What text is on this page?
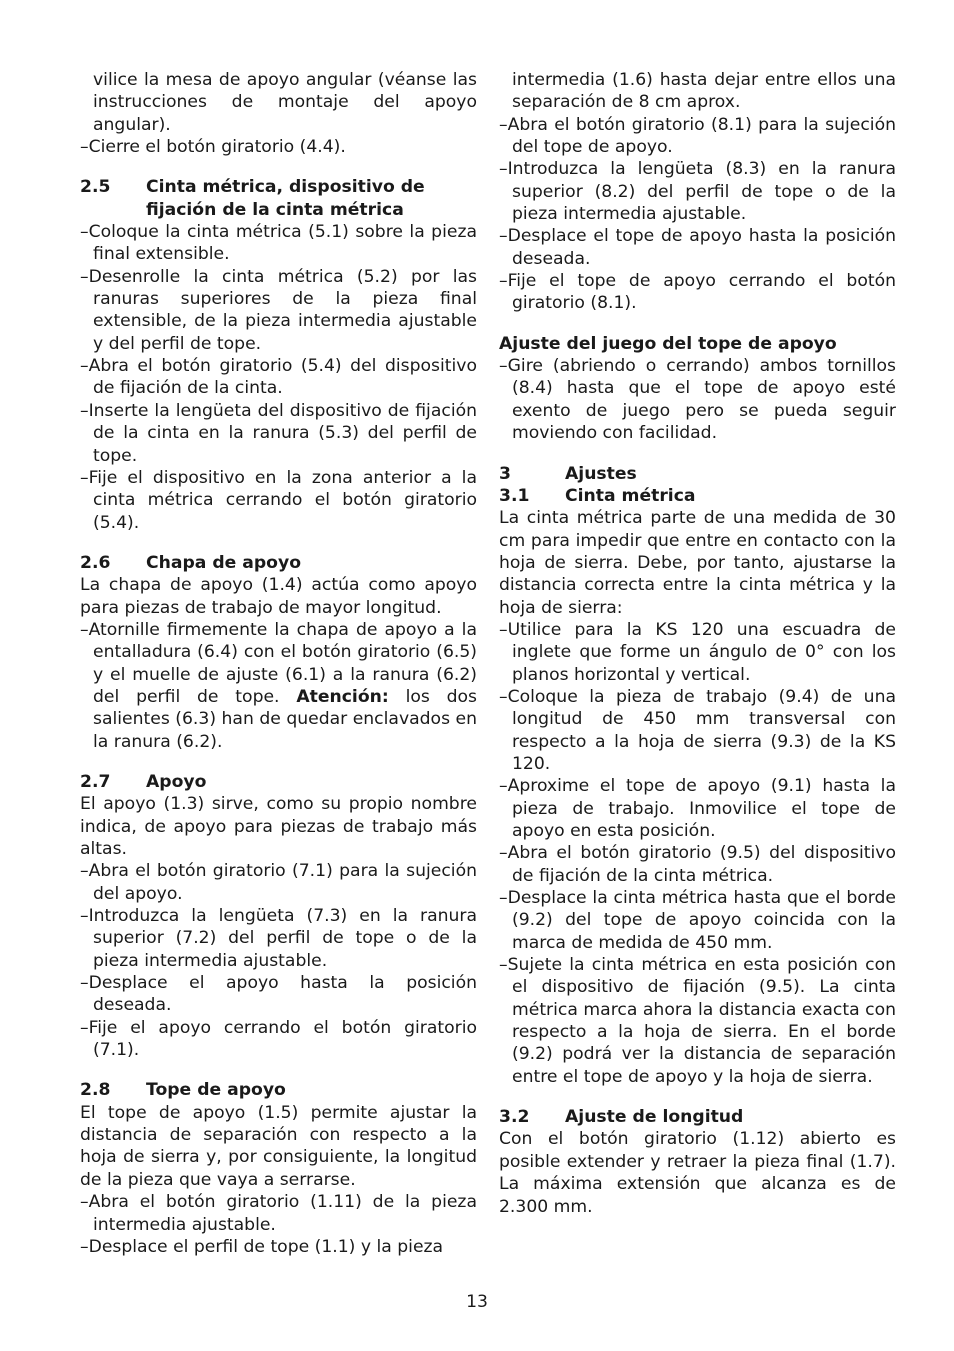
vilice la mesa de apoyo angular (véanse las instrucciones de montaje del apoyo angular).

–Cierre el botón giratorio (4.4).

2.5	Cinta métrica, dispositivo de fijación de la cinta métrica

–Coloque la cinta métrica (5.1) sobre la pieza final extensible.

–Desenrolle la cinta métrica (5.2) por las ranuras superiores de la pieza final extensible, de la pieza intermedia ajustable y del perfil de tope.

–Abra el botón giratorio (5.4) del dispositivo de fijación de la cinta.

–Inserte la lengüeta del dispositivo de fijación de la cinta en la ranura (5.3) del perfil de tope.

–Fije el dispositivo en la zona anterior a la cinta métrica cerrando el botón giratorio (5.4).

2.6	Chapa de apoyo

La chapa de apoyo (1.4) actúa como apoyo para piezas de trabajo de mayor longitud.

–Atornille firmemente la chapa de apoyo a la entalladura (6.4) con el botón giratorio (6.5) y el muelle de ajuste (6.1) a la ranura (6.2) del perfil de tope. Atención: los dos salientes (6.3) han de quedar enclavados en la ranura (6.2).

2.7	Apoyo

El apoyo (1.3) sirve, como su propio nombre indica, de apoyo para piezas de trabajo más altas.

–Abra el botón giratorio (7.1) para la sujeción del apoyo.

–Introduzca la lengüeta (7.3) en la ranura superior (7.2) del perfil de tope o de la pieza intermedia ajustable.

–Desplace el apoyo hasta la posición deseada.

–Fije el apoyo cerrando el botón giratorio (7.1).

2.8	Tope de apoyo

El tope de apoyo (1.5) permite ajustar la distancia de separación con respecto a la hoja de sierra y, por consiguiente, la longitud de la pieza que vaya a serrarse.

–Abra el botón giratorio (1.11) de la pieza intermedia ajustable.

–Desplace el perfil de tope (1.1) y la pieza

intermedia (1.6) hasta dejar entre ellos una separación de 8 cm aprox.

–Abra el botón giratorio (8.1) para la sujeción del tope de apoyo.

–Introduzca la lengüeta (8.3) en la ranura superior (8.2) del perfil de tope o de la pieza intermedia ajustable.

–Desplace el tope de apoyo hasta la posición deseada.

–Fije el tope de apoyo cerrando el botón giratorio (8.1).

Ajuste del juego del tope de apoyo

–Gire (abriendo o cerrando) ambos tornillos (8.4) hasta que el tope de apoyo esté exento de juego pero se pueda seguir moviendo con facilidad.

3	Ajustes
3.1	Cinta métrica

La cinta métrica parte de una medida de 30 cm para impedir que entre en contacto con la hoja de sierra. Debe, por tanto, ajustarse la distancia correcta entre la cinta métrica y la hoja de sierra:

–Utilice para la KS 120 una escuadra de inglete que forme un ángulo de 0° con los planos horizontal y vertical.

–Coloque la pieza de trabajo (9.4) de una longitud de 450 mm transversal con respecto a la hoja de sierra (9.3) de la KS 120.

–Aproxime el tope de apoyo (9.1) hasta la pieza de trabajo. Inmovilice el tope de apoyo en esta posición.

–Abra el botón giratorio (9.5) del dispositivo de fijación de la cinta métrica.

–Desplace la cinta métrica hasta que el borde (9.2) del tope de apoyo coincida con la marca de medida de 450 mm.

–Sujete la cinta métrica en esta posición con el dispositivo de fijación (9.5). La cinta métrica marca ahora la distancia exacta con respecto a la hoja de sierra. En el borde (9.2) podrá ver la distancia de separación entre el tope de apoyo y la hoja de sierra.

3.2	Ajuste de longitud

Con el botón giratorio (1.12) abierto es posible extender y retraer la pieza final (1.7). La máxima extensión que alcanza es de 2.300 mm.

13
